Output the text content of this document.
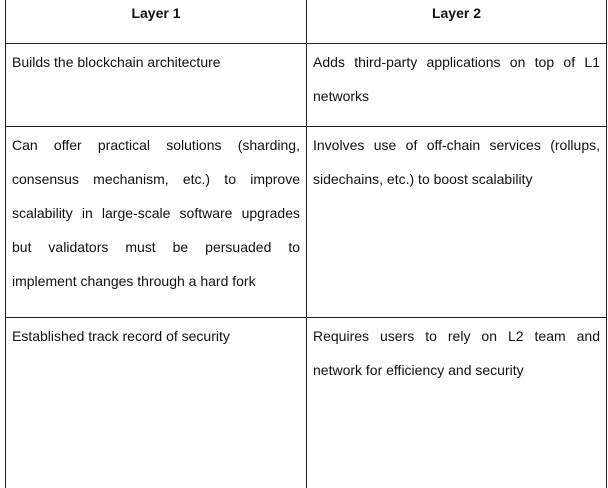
Layer 1	Layer 2

Builds the blockchain architecture	Adds third-party applications on top of L1 networks

Can offer practical solutions (sharding, consensus mechanism, etc.) to improve scalability in large-scale software upgrades but validators must be persuaded to implement changes through a hard fork	Involves use of off-chain services (rollups, sidechains, etc.) to boost scalability

Established track record of security	Requires users to rely on L2 team and network for efficiency and security
